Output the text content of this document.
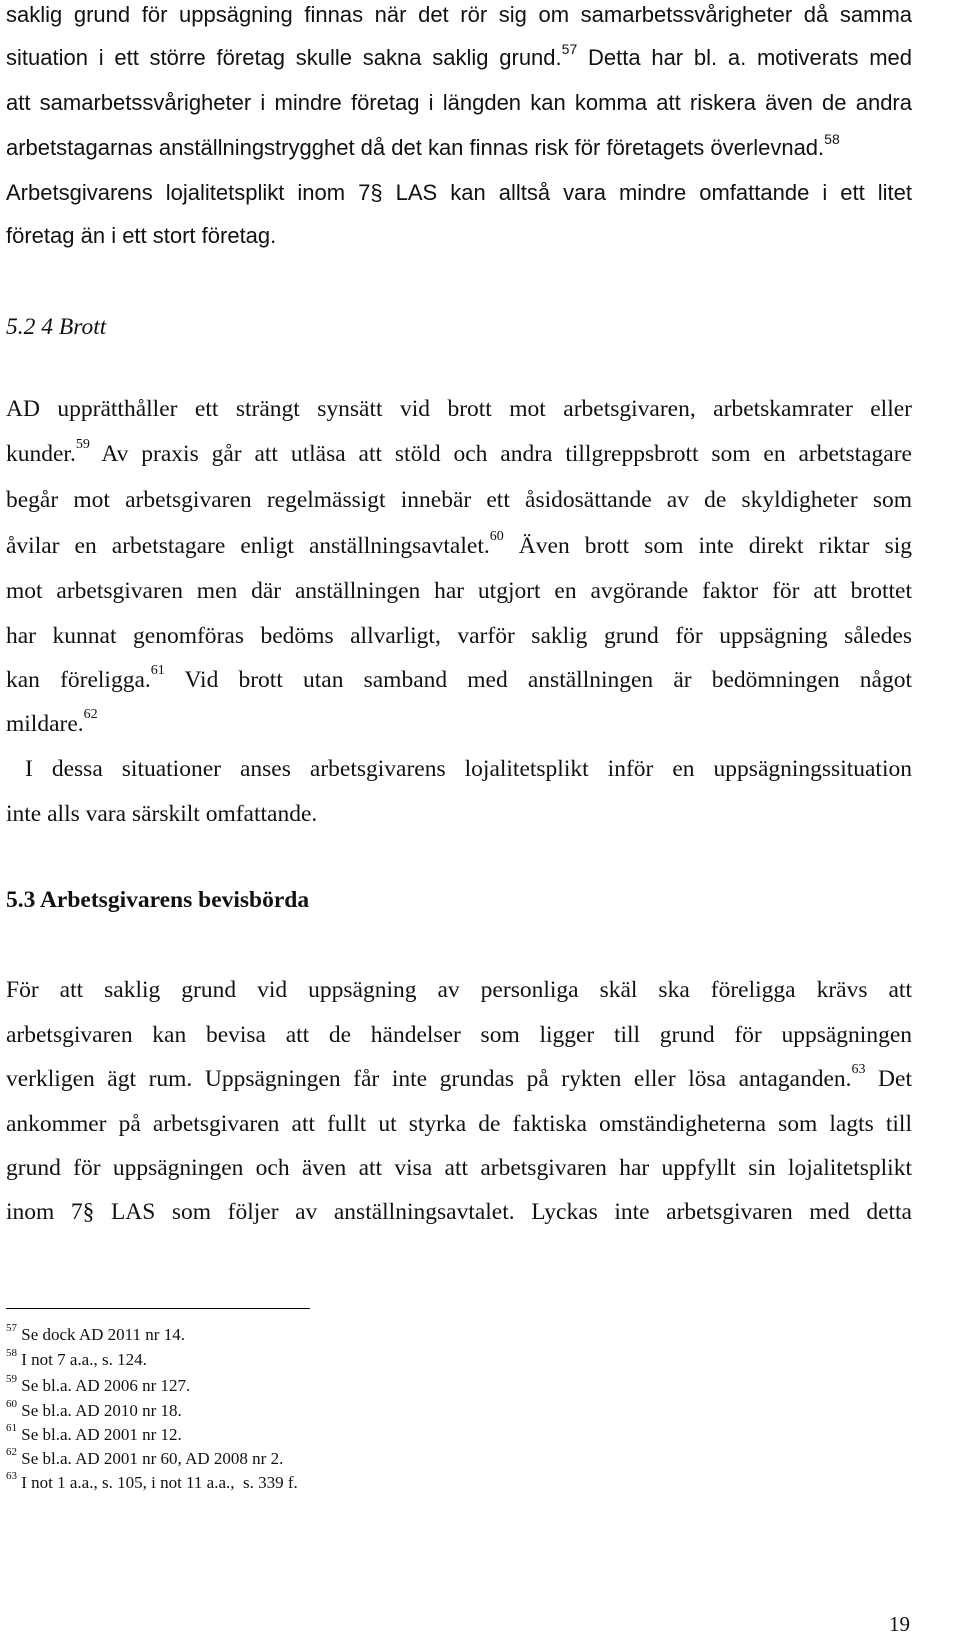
saklig grund för uppsägning finnas när det rör sig om samarbetssvårigheter då samma
situation i ett större företag skulle sakna saklig grund.$^{57}$ Detta har bl. a. motiverats med
att samarbetssvårigheter i mindre företag i längden kan komma att riskera även de andra
arbetstagarnas anställningstrygghet då det kan finnas risk för företagets överlevnad.$^{58}$
Arbetsgivarens lojalitetsplikt inom 7§ LAS kan alltså vara mindre omfattande i ett litet
företag än i ett stort företag.
5.2 4 Brott
AD upprätthåller ett strängt synsätt vid brott mot arbetsgivaren, arbetskamrater eller
kunder.$^{59}$ Av praxis går att utläsa att stöld och andra tillgreppsbrott som en arbetstagare
begår mot arbetsgivaren regelmässigt innebär ett åsidosättande av de skyldigheter som
åvilar en arbetstagare enligt anställningsavtalet.$^{60}$ Även brott som inte direkt riktar sig
mot arbetsgivaren men där anställningen har utgjort en avgörande faktor för att brottet
har kunnat genomföras bedöms allvarligt, varför saklig grund för uppsägning således
kan föreligga.$^{61}$ Vid brott utan samband med anställningen är bedömningen något
mildare.$^{62}$
I dessa situationer anses arbetsgivarens lojalitetsplikt inför en uppsägningssituation
inte alls vara särskilt omfattande.
5.3 Arbetsgivarens bevisbörda
För att saklig grund vid uppsägning av personliga skäl ska föreligga krävs att
arbetsgivaren kan bevisa att de händelser som ligger till grund för uppsägningen
verkligen ägt rum. Uppsägningen får inte grundas på rykten eller lösa antaganden.$^{63}$ Det
ankommer på arbetsgivaren att fullt ut styrka de faktiska omständigheterna som lagts till
grund för uppsägningen och även att visa att arbetsgivaren har uppfyllt sin lojalitetsplikt
inom 7§ LAS som följer av anställningsavtalet. Lyckas inte arbetsgivaren med detta
$^{57}$ Se dock AD 2011 nr 14.
$^{58}$ I not 7 a.a., s. 124.
$^{59}$ Se bl.a. AD 2006 nr 127.
$^{60}$ Se bl.a. AD 2010 nr 18.
$^{61}$ Se bl.a. AD 2001 nr 12.
$^{62}$ Se bl.a. AD 2001 nr 60, AD 2008 nr 2.
$^{63}$ I not 1 a.a., s. 105, i not 11 a.a.,  s. 339 f.
19
